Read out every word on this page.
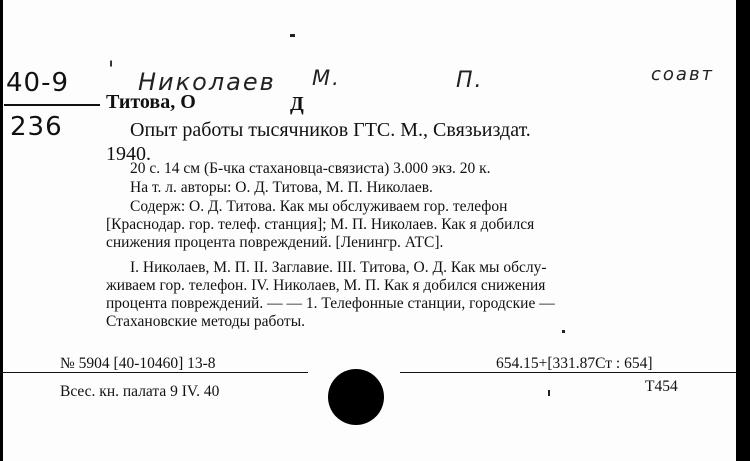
40-9
236
' Николаев М.	П.	соавт
Титова, О	Д
Опыт работы тысячников ГТС. М., Связьиздат.
1940.
20 с. 14 см (Б-чка стахановца-связиста) 3.000 экз. 20 к.
На т. л. авторы: О. Д. Титова, М. П. Николаев.
Содерж: О. Д. Титова. Как мы обслуживаем гор. телефон
[Краснодар. гор. телеф. станция]; М. П. Николаев. Как я добился
снижения процента повреждений. [Ленингр. АТС].
I. Николаев, М. П. II. Заглавие. III. Титова, О. Д. Как мы обслу-
живаем гор. телефон. IV. Николаев, М. П. Как я добился снижения
процента повреждений. — — 1. Телефонные станции, городские —
Стахановские методы работы.
№ 5904 [40-10460] 13-8	654.15+[331.87Ст : 654]
Всес. кн. палата 9 IV. 40	Т454
